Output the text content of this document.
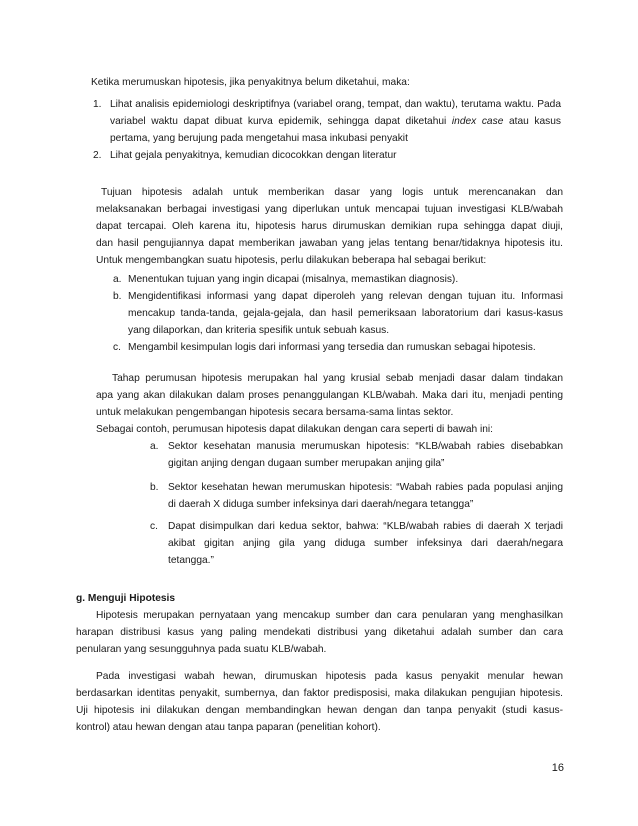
Ketika merumuskan hipotesis, jika penyakitnya belum diketahui, maka:
1. Lihat analisis epidemiologi deskriptifnya (variabel orang, tempat, dan waktu), terutama waktu. Pada
variabel waktu dapat dibuat kurva epidemik, sehingga dapat diketahui index case atau kasus
pertama, yang berujung pada mengetahui masa inkubasi penyakit
2. Lihat gejala penyakitnya, kemudian dicocokkan dengan literatur
Tujuan hipotesis adalah untuk memberikan dasar yang logis untuk merencanakan dan
melaksanakan berbagai investigasi yang diperlukan untuk mencapai tujuan investigasi KLB/wabah
dapat tercapai. Oleh karena itu, hipotesis harus dirumuskan demikian rupa sehingga dapat diuji,
dan hasil pengujiannya dapat memberikan jawaban yang jelas tentang benar/tidaknya hipotesis itu.
Untuk mengembangkan suatu hipotesis, perlu dilakukan beberapa hal sebagai berikut:
a. Menentukan tujuan yang ingin dicapai (misalnya, memastikan diagnosis).
b. Mengidentifikasi informasi yang dapat diperoleh yang relevan dengan tujuan itu. Informasi
mencakup tanda-tanda, gejala-gejala, dan hasil pemeriksaan laboratorium dari kasus-kasus
yang dilaporkan, dan kriteria spesifik untuk sebuah kasus.
c. Mengambil kesimpulan logis dari informasi yang tersedia dan rumuskan sebagai hipotesis.
Tahap perumusan hipotesis merupakan hal yang krusial sebab menjadi dasar dalam tindakan
apa yang akan dilakukan dalam proses penanggulangan KLB/wabah. Maka dari itu, menjadi penting
untuk melakukan pengembangan hipotesis secara bersama-sama lintas sektor.
Sebagai contoh, perumusan hipotesis dapat dilakukan dengan cara seperti di bawah ini:
a. Sektor kesehatan manusia merumuskan hipotesis: “KLB/wabah rabies disebabkan
gigitan anjing dengan dugaan sumber merupakan anjing gila”
b. Sektor kesehatan hewan merumuskan hipotesis: “Wabah rabies pada populasi anjing
di daerah X diduga sumber infeksinya dari daerah/negara tetangga”
c. Dapat disimpulkan dari kedua sektor, bahwa: “KLB/wabah rabies di daerah X terjadi
akibat gigitan anjing gila yang diduga sumber infeksinya dari daerah/negara
tetangga.”
g. Menguji Hipotesis
Hipotesis merupakan pernyataan yang mencakup sumber dan cara penularan yang menghasilkan
harapan distribusi kasus yang paling mendekati distribusi yang diketahui adalah sumber dan cara
penularan yang sesungguhnya pada suatu KLB/wabah.
Pada investigasi wabah hewan, dirumuskan hipotesis pada kasus penyakit menular hewan
berdasarkan identitas penyakit, sumbernya, dan faktor predisposisi, maka dilakukan pengujian hipotesis.
Uji hipotesis ini dilakukan dengan membandingkan hewan dengan dan tanpa penyakit (studi kasus-
kontrol) atau hewan dengan atau tanpa paparan (penelitian kohort).
16
